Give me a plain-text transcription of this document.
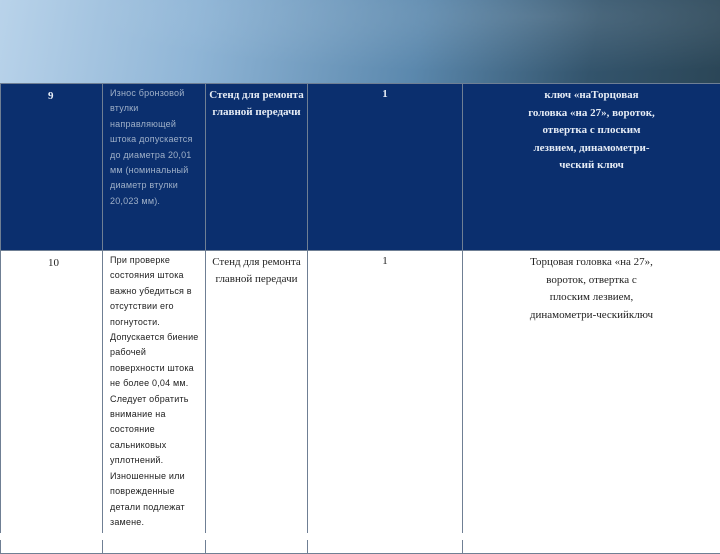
9	Износ бронзовой втулки направляющей штока допускается до диаметра 20,01 мм (номинальный диаметр втулки 20,023 мм).	Стенд для ремонта главной передачи	1	ключ «наТорцовая головка «на 27», вороток, отвертка с плоским лезвием, динамометри-ческий ключ

10	При проверке состояния штока важно убедиться в отсутствии его погнутости. Допускается биение рабочей поверхности штока не более 0,04 мм. Следует обратить внимание на состояние сальниковых уплотнений. Изношенные или поврежденные детали подлежат замене.	Стенд для ремонта главной передачи	1	Торцовая головка «на 27», вороток, отвертка с плоским лезвием, динамометри-ческийключ
